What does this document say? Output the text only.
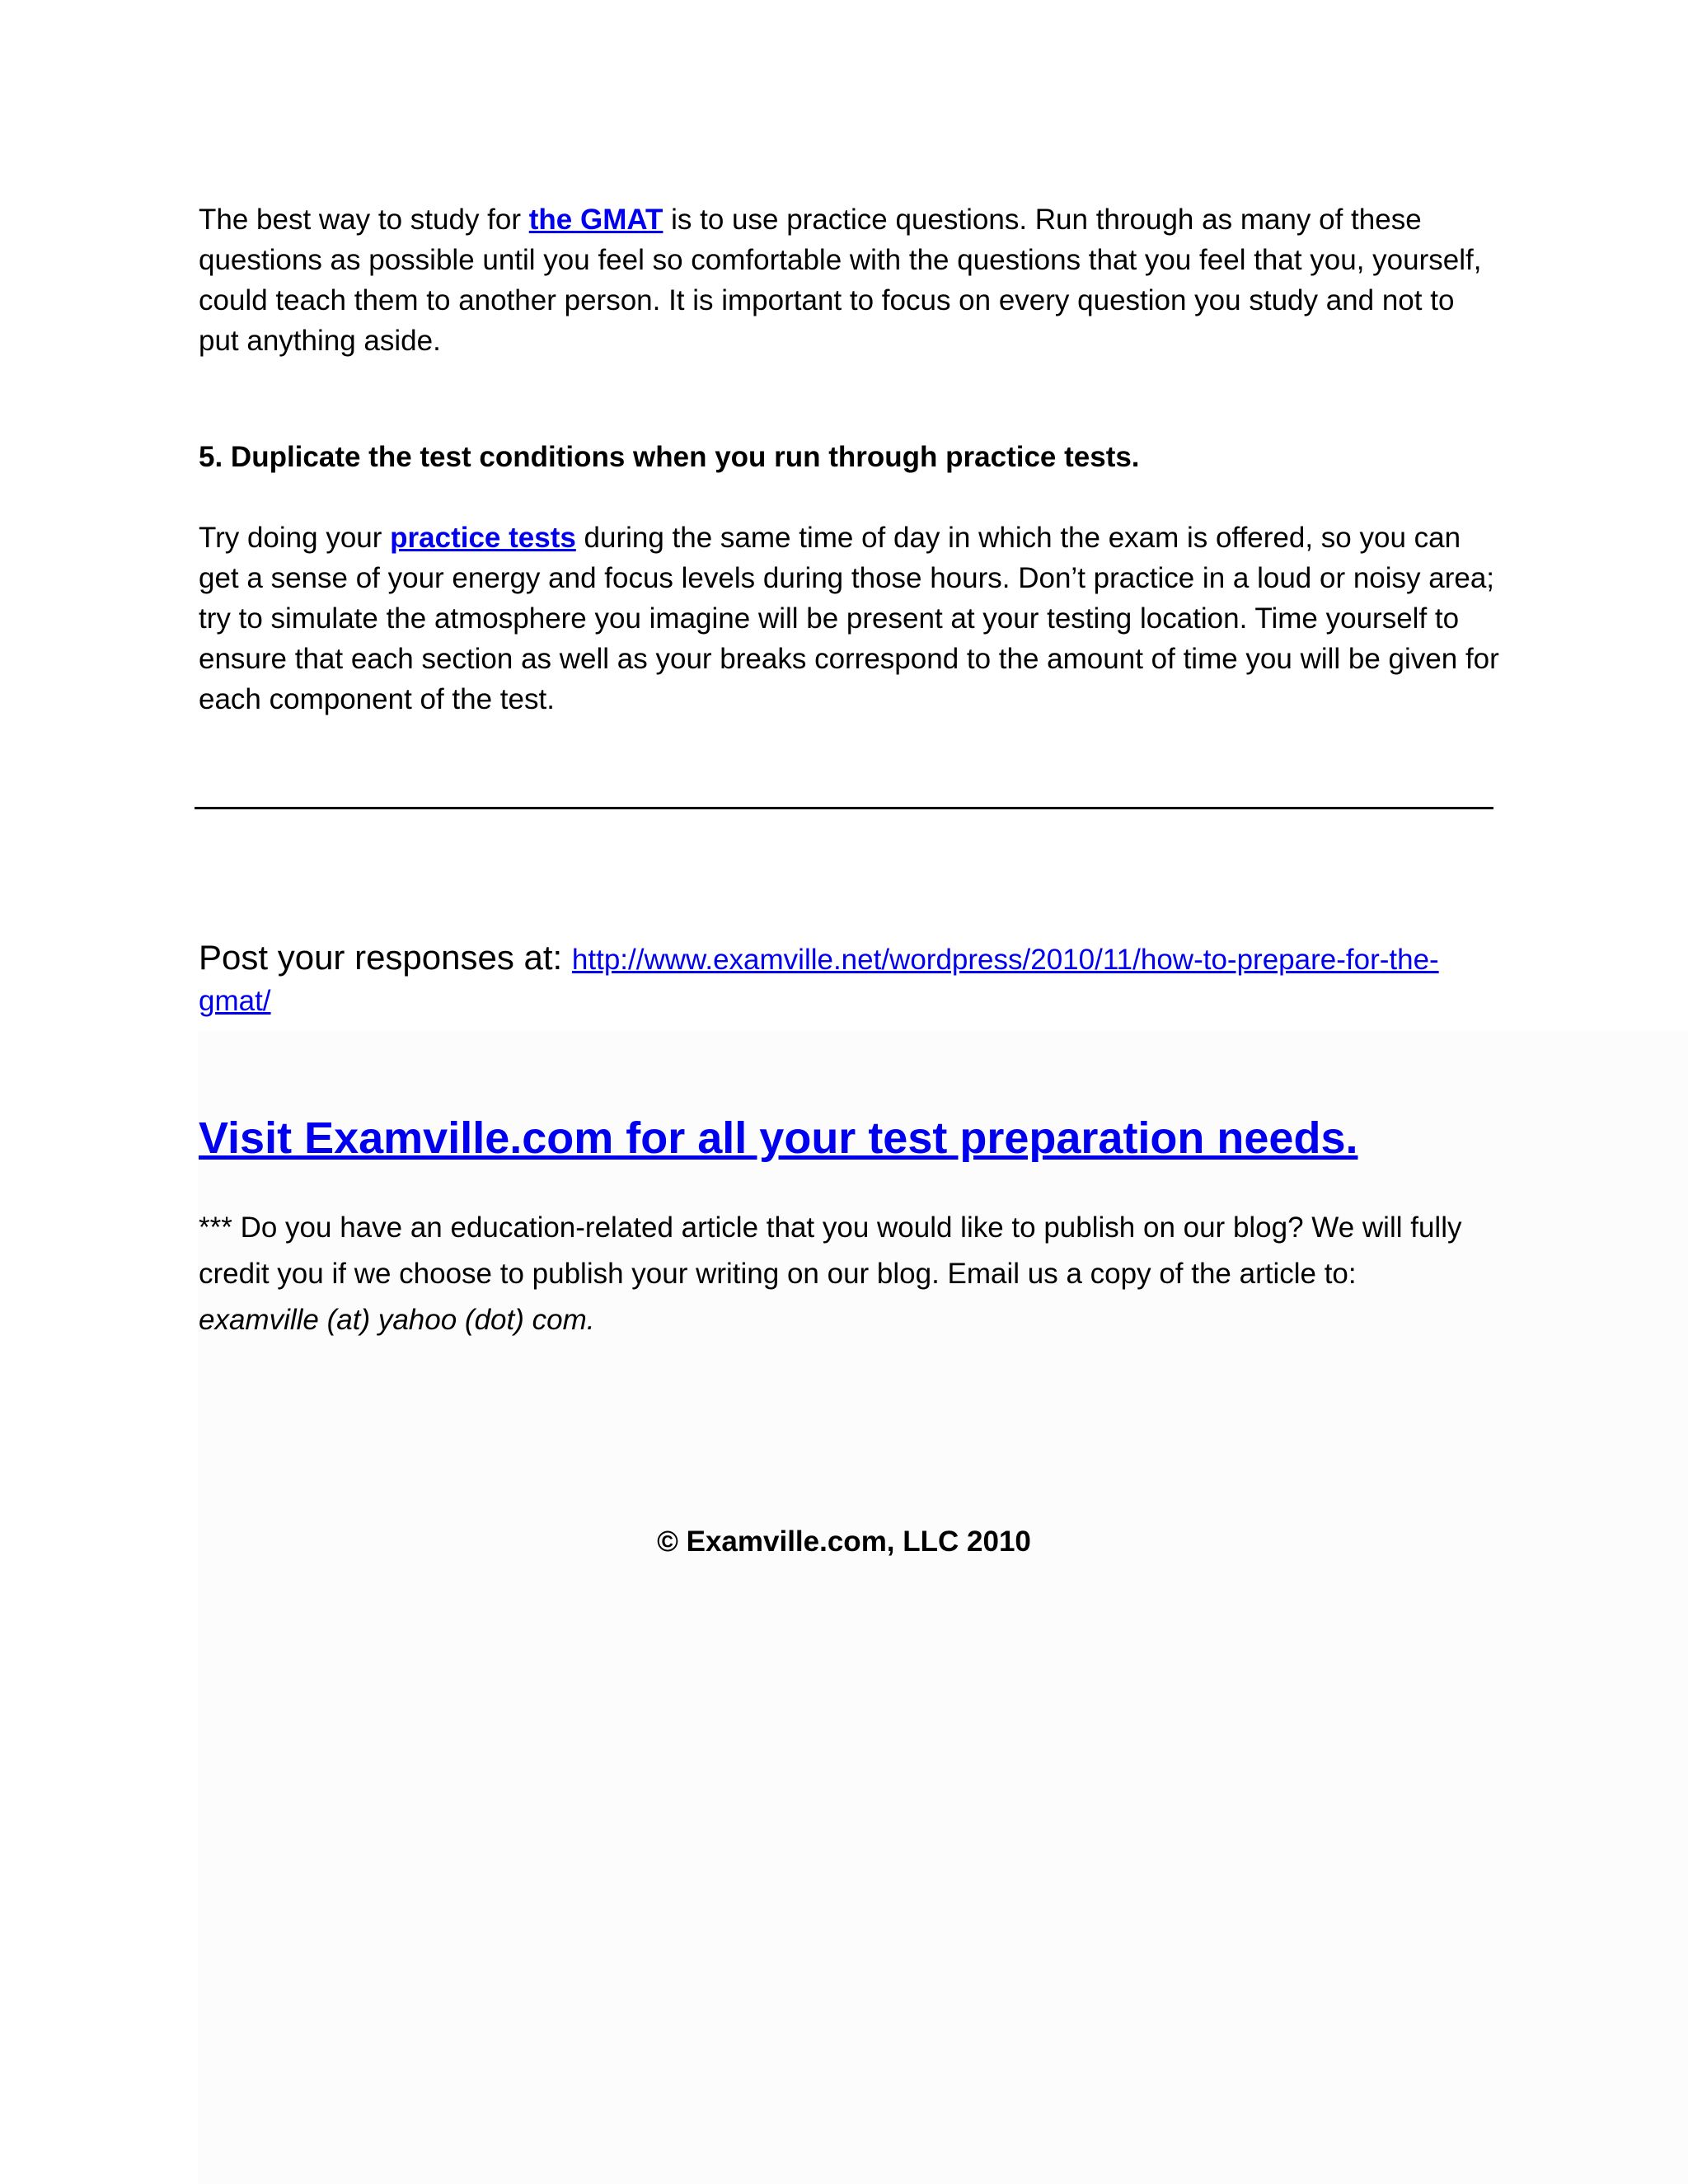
The best way to study for the GMAT is to use practice questions. Run through as many of these questions as possible until you feel so comfortable with the questions that you feel that you, yourself, could teach them to another person. It is important to focus on every question you study and not to put anything aside.

5. Duplicate the test conditions when you run through practice tests.

Try doing your practice tests during the same time of day in which the exam is offered, so you can get a sense of your energy and focus levels during those hours. Don’t practice in a loud or noisy area; try to simulate the atmosphere you imagine will be present at your testing location. Time yourself to ensure that each section as well as your breaks correspond to the amount of time you will be given for each component of the test.

Post your responses at: http://www.examville.net/wordpress/2010/11/how-to-prepare-for-the-gmat/

Visit Examville.com for all your test preparation needs.

*** Do you have an education-related article that you would like to publish on our blog? We will fully credit you if we choose to publish your writing on our blog. Email us a copy of the article to: examville (at) yahoo (dot) com.

© Examville.com, LLC 2010
